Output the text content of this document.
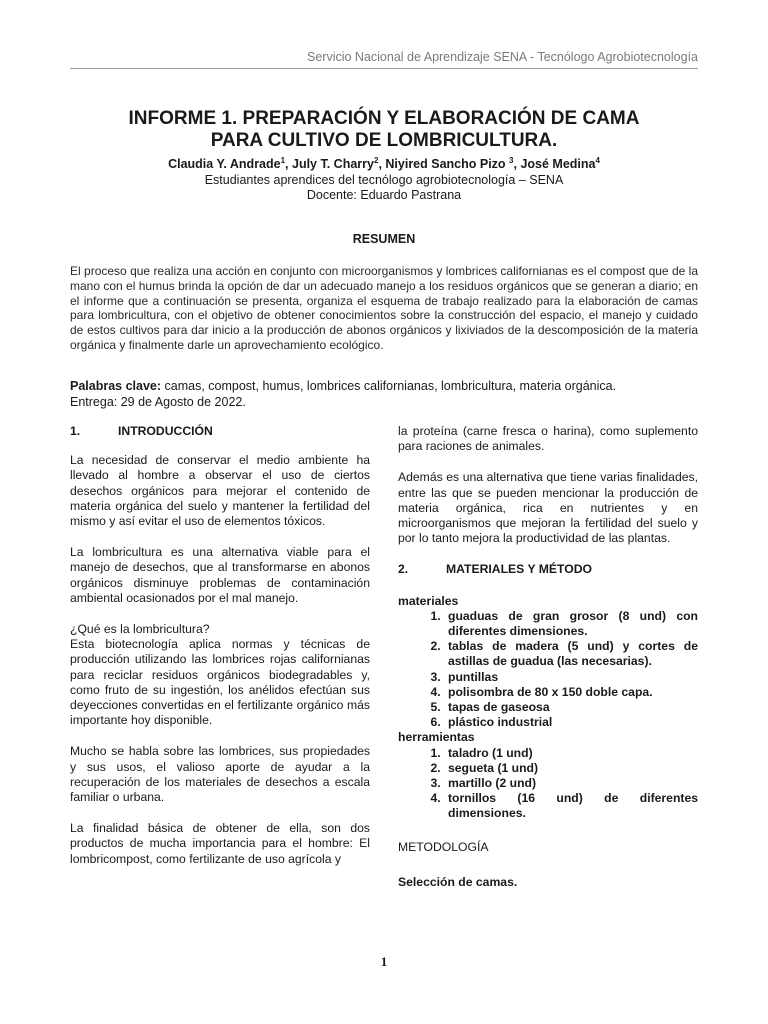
Servicio Nacional de Aprendizaje SENA - Tecnólogo Agrobiotecnología
INFORME 1. PREPARACIÓN Y ELABORACIÓN DE CAMA
PARA CULTIVO DE LOMBRICULTURA.
Claudia Y. Andrade$^1$, July T. Charry$^2$, Niyired Sancho Pizo $^3$, José Medina$^4$
Estudiantes aprendices del tecnólogo agrobiotecnología – SENA
Docente: Eduardo Pastrana
RESUMEN
El proceso que realiza una acción en conjunto con microorganismos y lombrices californianas es el compost que de la mano con el humus brinda la opción de dar un adecuado manejo a los residuos orgánicos que se generan a diario; en el informe que a continuación se presenta, organiza el esquema de trabajo realizado para la elaboración de camas para lombricultura, con el objetivo de obtener conocimientos sobre la construcción del espacio, el manejo y cuidado de estos cultivos para dar inicio a la producción de abonos orgánicos y lixiviados de la descomposición de la materia orgánica y finalmente darle un aprovechamiento ecológico.
Palabras clave: camas, compost, humus, lombrices californianas, lombricultura, materia orgánica.
Entrega: 29 de Agosto de 2022.
1.	INTRODUCCIÓN

La necesidad de conservar el medio ambiente ha llevado al hombre a observar el uso de ciertos desechos orgánicos para mejorar el contenido de materia orgánica del suelo y mantener la fertilidad del mismo y así evitar el uso de elementos tóxicos.

La lombricultura es una alternativa viable para el manejo de desechos, que al transformarse en abonos orgánicos disminuye problemas de contaminación ambiental ocasionados por el mal manejo.

¿Qué es la lombricultura?

Esta biotecnología aplica normas y técnicas de producción utilizando las lombrices rojas californianas para reciclar residuos orgánicos biodegradables y, como fruto de su ingestión, los anélidos efectúan sus deyecciones convertidas en el fertilizante orgánico más importante hoy disponible.

Mucho se habla sobre las lombrices, sus propiedades y sus usos, el valioso aporte de ayudar a la recuperación de los materiales de desechos a escala familiar o urbana.

La finalidad básica de obtener de ella, son dos productos de mucha importancia para el hombre: El lombricompost, como fertilizante de uso agrícola y

la proteína (carne fresca o harina), como suplemento para raciones de animales.

Además es una alternativa que tiene varias finalidades, entre las que se pueden mencionar la producción de materia orgánica, rica en nutrientes y en microorganismos que mejoran la fertilidad del suelo y por lo tanto mejora la productividad de las plantas.

2.	MATERIALES Y MÉTODO
materiales
1. guaduas de gran grosor (8 und) con diferentes dimensiones.
2. tablas de madera (5 und) y cortes de astillas de guadua (las necesarias).
3. puntillas
4. polisombra de 80 x 150 doble capa.
5. tapas de gaseosa
6. plástico industrial
herramientas
1. taladro (1 und)
2. segueta (1 und)
3. martillo (2 und)
4. tornillos (16 und) de diferentes dimensiones.
METODOLOGÍA
Selección de camas.
1
